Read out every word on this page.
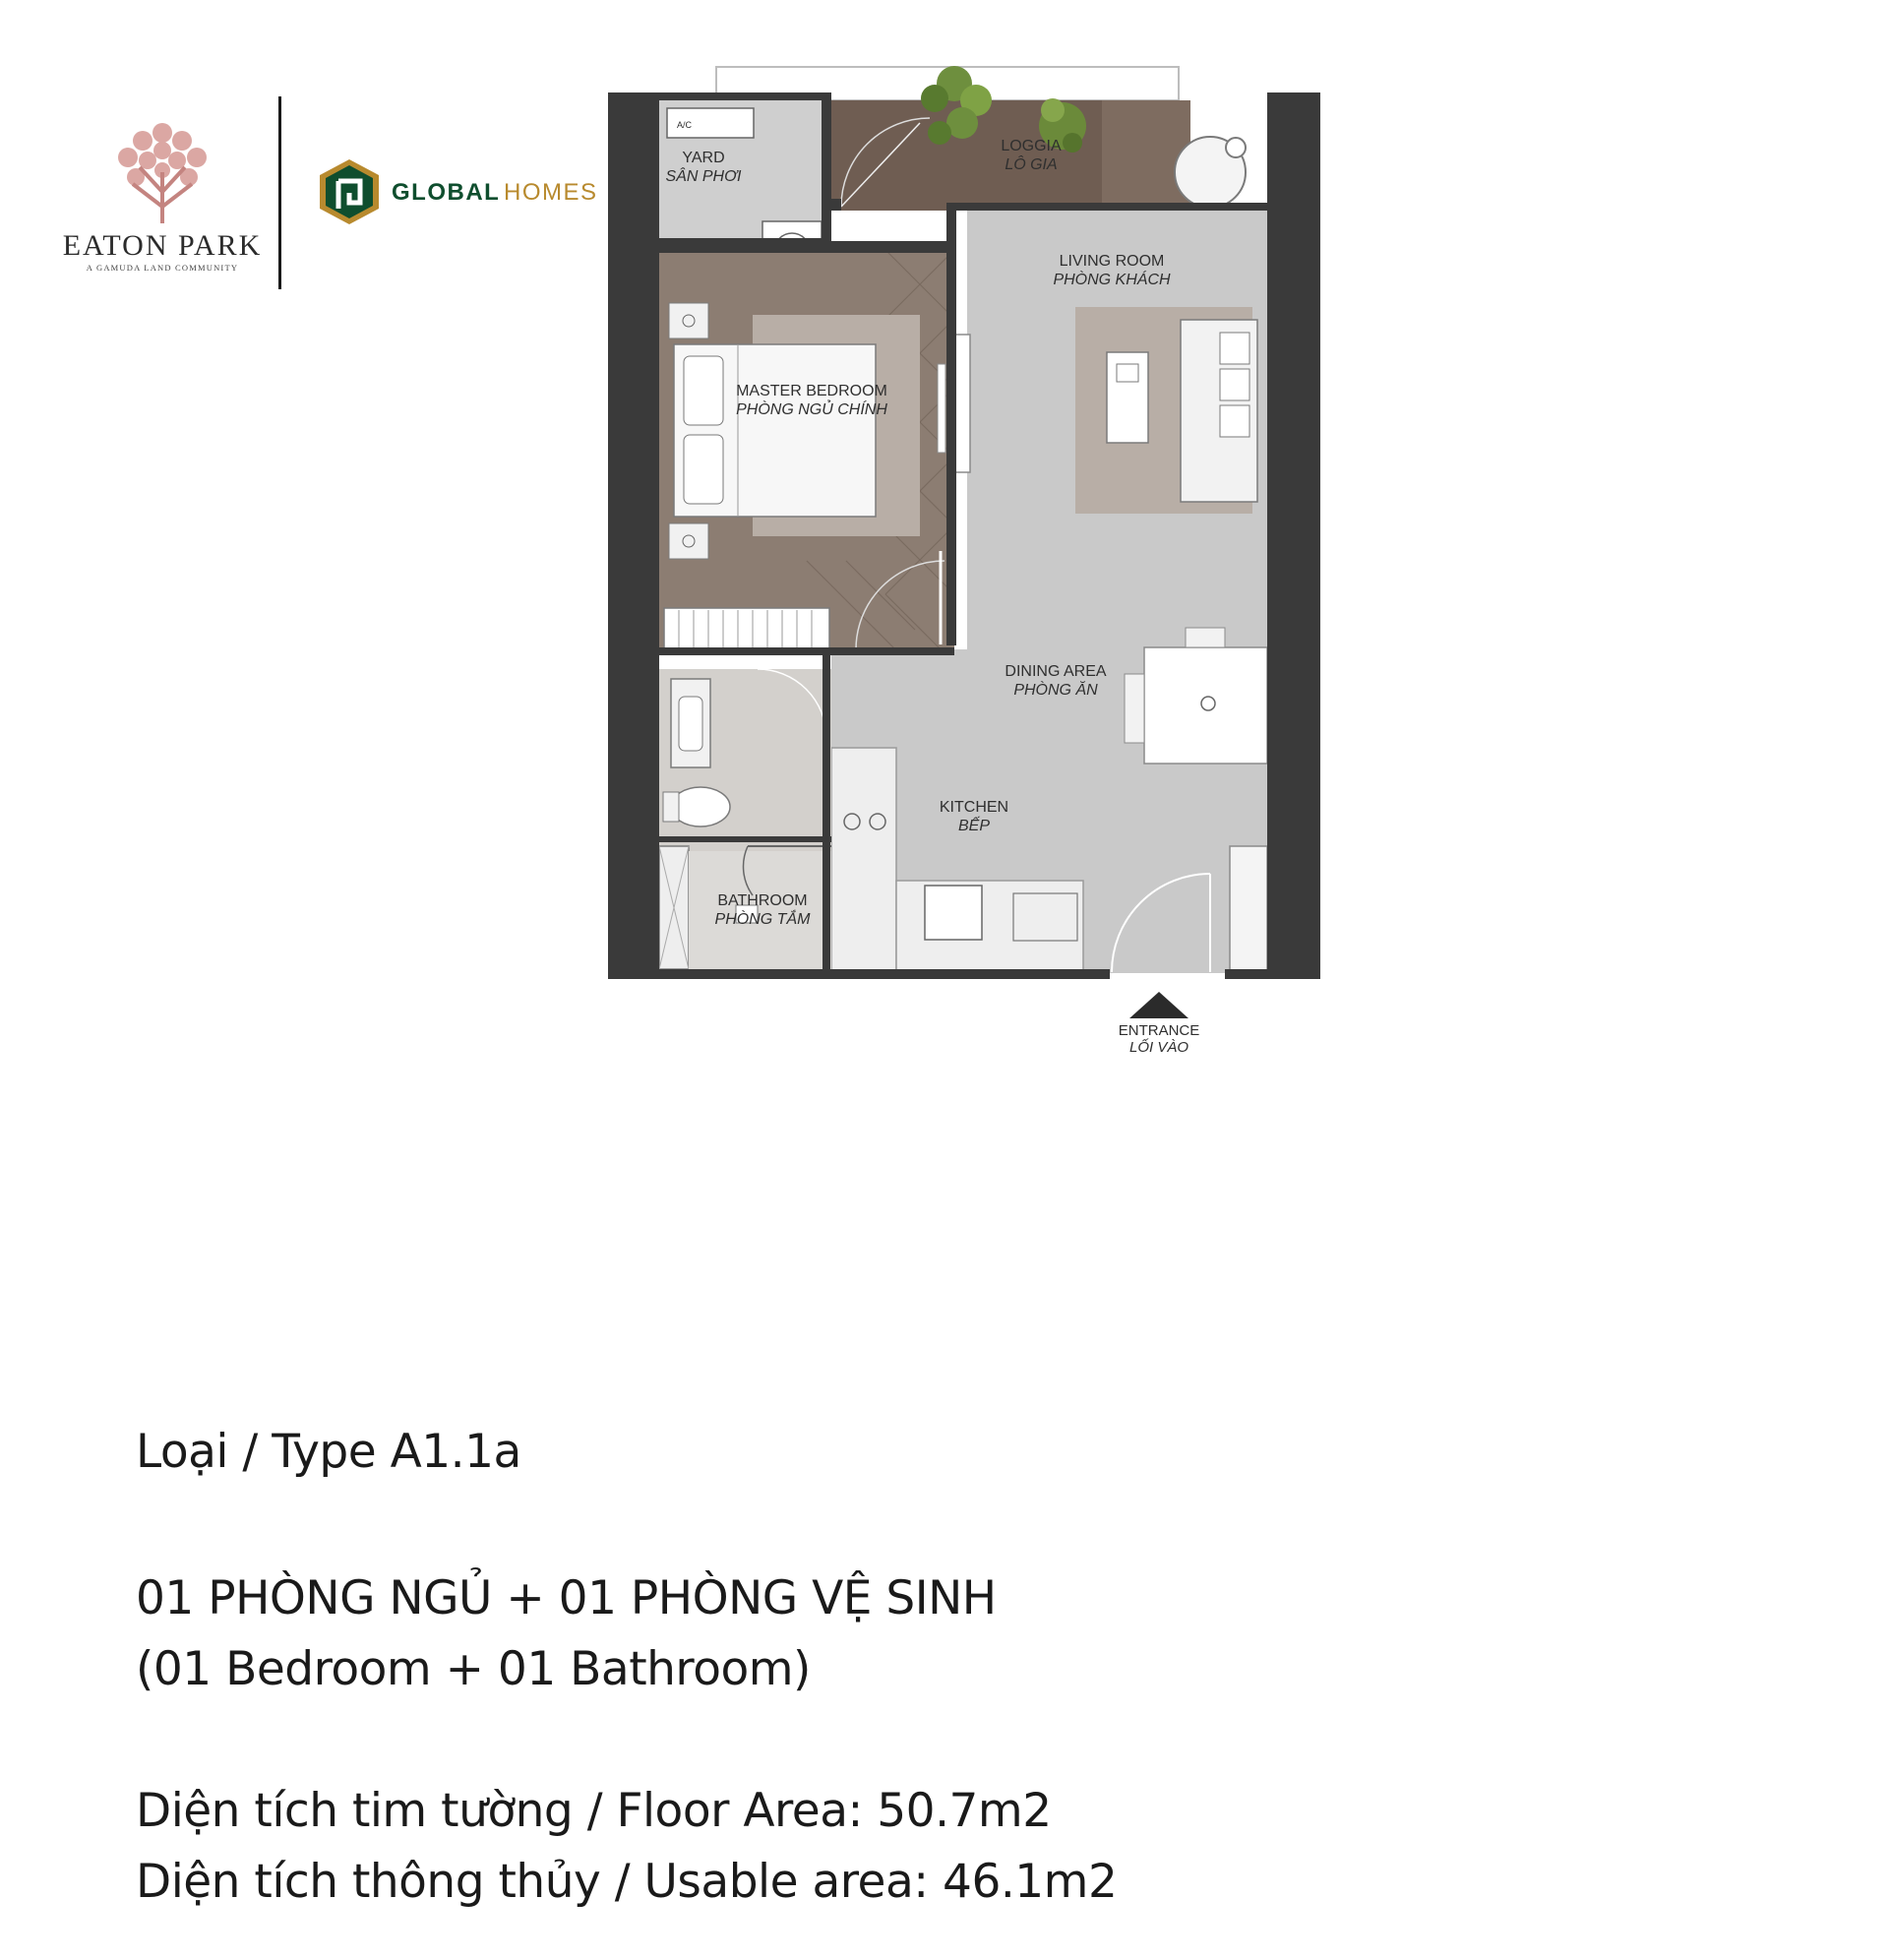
EATON PARK
A GAMUDA LAND COMMUNITY
GLOBAL HOMES
A/C
LOGGIA
LÔ GIA
YARD
SÂN PHƠI
LIVING ROOM
PHÒNG KHÁCH
MASTER BEDROOM
PHÒNG NGỦ CHÍNH
DINING AREA
PHÒNG ĂN
KITCHEN
BẾP
BATHROOM
PHÒNG TẮM
ENTRANCE
LỐI VÀO
Loại / Type A1.1a
01 PHÒNG NGỦ + 01 PHÒNG VỆ SINH
(01 Bedroom + 01 Bathroom)
Diện tích tim tường / Floor Area: 50.7m2
Diện tích thông thủy / Usable area: 46.1m2
